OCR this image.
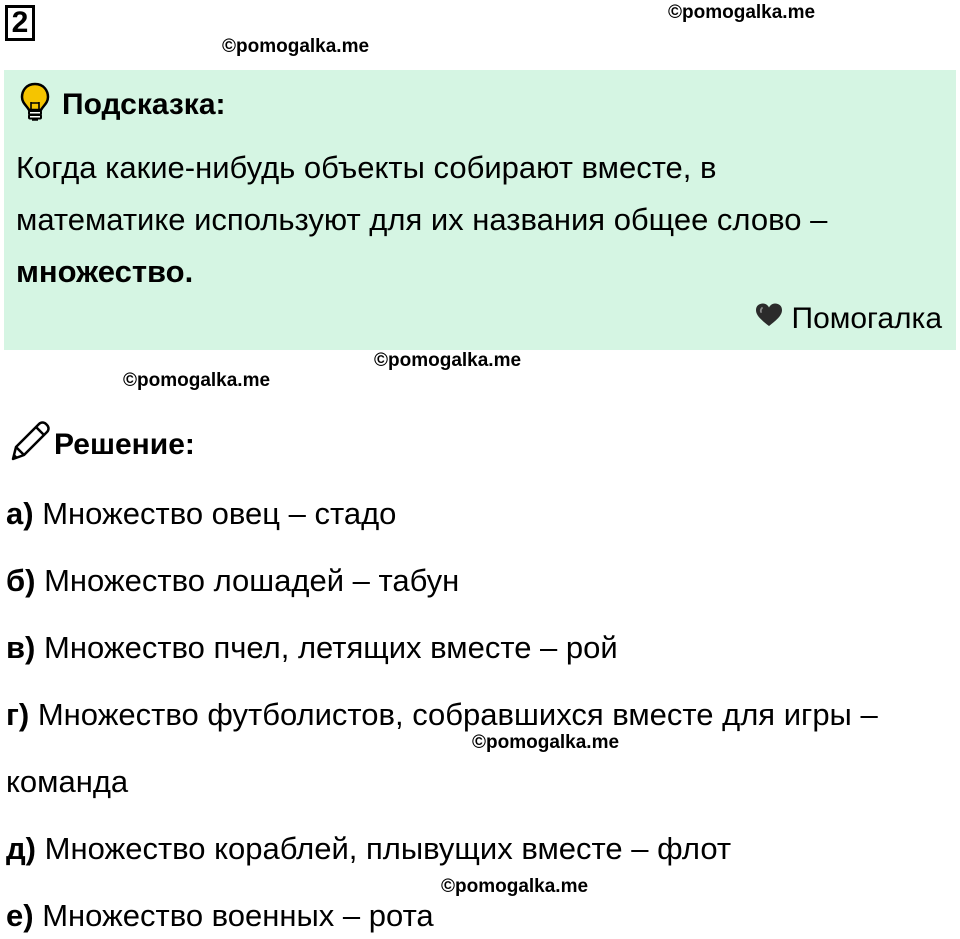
2	©pomogalka.me
©pomogalka.me
Подсказка:
Когда какие-нибудь объекты собирают вместе, в
математике используют для их названия общее слово –
множество.
Помогалка
©pomogalka.me
©pomogalka.me
Решение:
а) Множество овец – стадо
б) Множество лошадей – табун
в) Множество пчел, летящих вместе – рой
г) Множество футболистов, собравшихся вместе для игры –
©pomogalka.me
команда
д) Множество кораблей, плывущих вместе – флот
©pomogalka.me
е) Множество военных – рота
